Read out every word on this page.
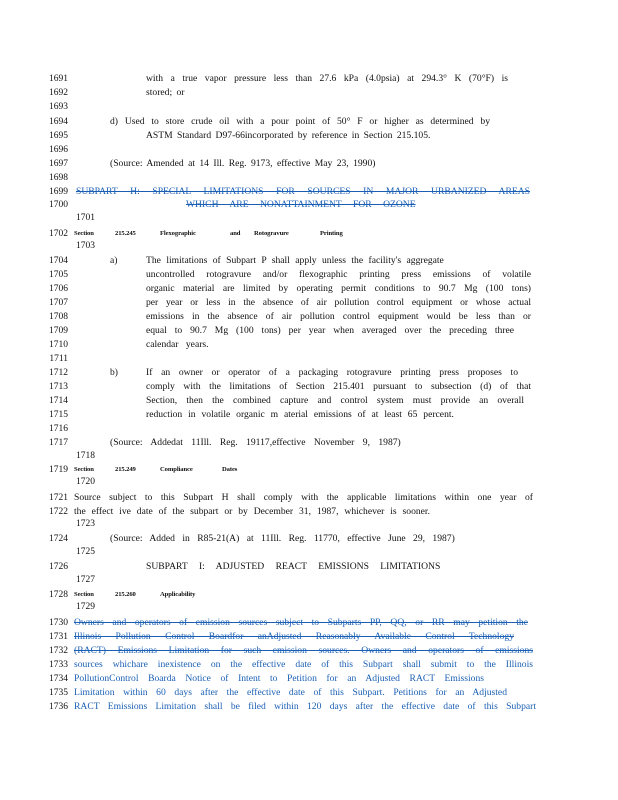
1691	with a true vapor pressure less than 27.6 kPa (4.0psia) at 294.3° K (70°F) is
1692	stored; or
1693
1694	d) Used to store crude oil with a pour point of 50° F or higher as determined by
1695	ASTM Standard D97-66incorporated by reference in Section 215.105.
1696
1697	(Source: Amended at 14 Ill. Reg. 9173, effective May 23, 1990)
1698
1699 SUBPART H: SPECIAL LIMITATIONS FOR SOURCES IN MAJOR URBANIZED AREAS
1700	WHICH ARE NONATTAINMENT FOR OZONE
1701
1702 Section	215.245	Flexographic	and Rotogravure	Printing
1703
1704	a)	The limitations of Subpart P shall apply unless the facility's aggregate
1705	uncontrolled rotogravure and/or flexographic printing press emissions of volatile
1706	organic material are limited by operating permit conditions to 90.7 Mg (100 tons)
1707	per year or less in the absence of air pollution control equipment or whose actual
1708	emissions in the absence of air pollution control equipment would be less than or
1709	equal to 90.7 Mg (100 tons) per year when averaged over the preceding three
1710	calendar years.
1711
1712	b)	If an owner or operator of a packaging rotogravure printing press proposes to
1713	comply with the limitations of Section 215.401 pursuant to subsection (d) of that
1714	Section, then the combined capture and control system must provide an overall
1715	reduction in volatile organic m aterial emissions of at least 65 percent.
1716
1717	(Source: Addedat 11Ill. Reg. 19117,effective November 9, 1987)
1718
1719 Section	215.249	Compliance	Dates
1720
1721 Source subject to this Subpart H shall comply with the applicable limitations within one year of
1722 the effect ive date of the subpart or by December 31, 1987, whichever is sooner.
1723
1724	(Source: Added in R85-21(A) at 11Ill. Reg. 11770, effective June 29, 1987)
1725
1726	SUBPART I: ADJUSTED REACT EMISSIONS LIMITATIONS
1727
1728 Section	215.260	Applicability
1729
1730 Owners and operators of emission sources subject to Subparts PP, QQ, or RR may petition the
1731 Illinois Pollution Control Boardfor anAdjusted Reasonably Available Control Technology
1732 (RACT) Emissions Limitation for such emission sources. Owners and operators of emissions
1733 sources whichare inexistence on the effective date of this Subpart shall submit to the Illinois
1734 PollutionControl Boarda Notice of Intent to Petition for an Adjusted RACT Emissions
1735 Limitation within 60 days after the effective date of this Subpart. Petitions for an Adjusted
1736 RACT Emissions Limitation shall be filed within 120 days after the effective date of this Subpart
